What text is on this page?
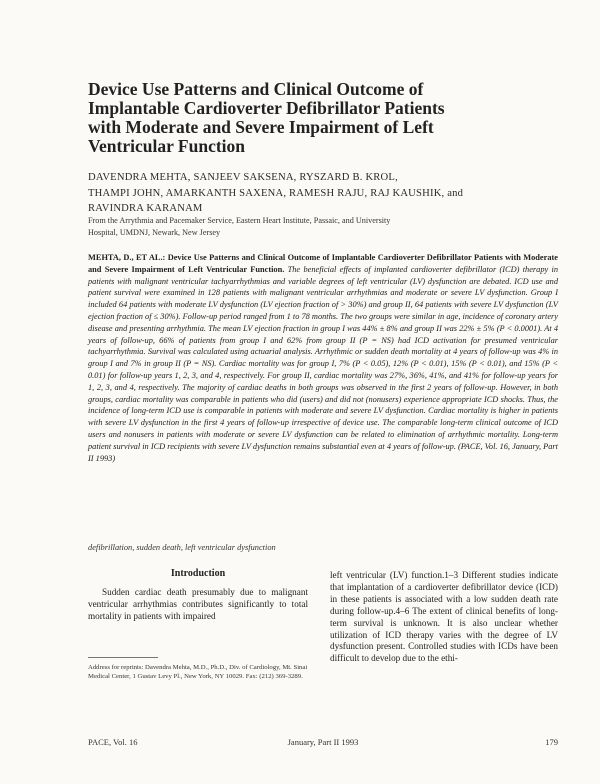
Device Use Patterns and Clinical Outcome of
Implantable Cardioverter Defibrillator Patients
with Moderate and Severe Impairment of Left
Ventricular Function
DAVENDRA MEHTA, SANJEEV SAKSENA, RYSZARD B. KROL,
THAMPI JOHN, AMARKANTH SAXENA, RAMESH RAJU, RAJ KAUSHIK, and
RAVINDRA KARANAM
From the Arrythmia and Pacemaker Service, Eastern Heart Institute, Passaic, and University
Hospital, UMDNJ, Newark, New Jersey

MEHTA, D., ET AL.: Device Use Patterns and Clinical Outcome of Implantable Cardioverter Defibrillator Patients with Moderate and Severe Impairment of Left Ventricular Function. The beneficial effects of implanted cardioverter defibrillator (ICD) therapy in patients with malignant ventricular tachyarrhythmias and variable degrees of left ventricular (LV) dysfunction are debated. ICD use and patient survival were examined in 128 patients with malignant ventricular arrhythmias and moderate or severe LV dysfunction. Group I included 64 patients with moderate LV dysfunction (LV ejection fraction of > 30%) and group II, 64 patients with severe LV dysfunction (LV ejection fraction of ≤ 30%). Follow-up period ranged from 1 to 78 months. The two groups were similar in age, incidence of coronary artery disease and presenting arrhythmia. The mean LV ejection fraction in group I was 44% ± 8% and group II was 22% ± 5% (P < 0.0001). At 4 years of follow-up, 66% of patients from group I and 62% from group II (P = NS) had ICD activation for presumed ventricular tachyarrhythmia. Survival was calculated using actuarial analysis. Arrhythmic or sudden death mortality at 4 years of follow-up was 4% in group I and 7% in group II (P = NS). Cardiac mortality was for group I, 7% (P < 0.05), 12% (P < 0.01), 15% (P < 0.01), and 15% (P < 0.01) for follow-up years 1, 2, 3, and 4, respectively. For group II, cardiac mortality was 27%, 36%, 41%, and 41% for follow-up years for 1, 2, 3, and 4, respectively. The majority of cardiac deaths in both groups was observed in the first 2 years of follow-up. However, in both groups, cardiac mortality was comparable in patients who did (users) and did not (nonusers) experience appropriate ICD shocks. Thus, the incidence of long-term ICD use is comparable in patients with moderate and severe LV dysfunction. Cardiac mortality is higher in patients with severe LV dysfunction in the first 4 years of follow-up irrespective of device use. The comparable long-term clinical outcome of ICD users and nonusers in patients with moderate or severe LV dysfunction can be related to elimination of arrhythmic mortality. Long-term patient survival in ICD recipients with severe LV dysfunction remains substantial even at 4 years of follow-up. (PACE, Vol. 16, January, Part II 1993)

defibrillation, sudden death, left ventricular dysfunction
Introduction

Sudden cardiac death presumably due to malignant ventricular arrhythmias contributes significantly to total mortality in patients with impaired

Address for reprints: Davendra Mehta, M.D., Ph.D., Div. of Cardiology, Mt. Sinai Medical Center, 1 Gustav Levy Pl., New York, NY 10029. Fax: (212) 369-3289.

left ventricular (LV) function.1–3 Different studies indicate that implantation of a cardioverter defibrillator device (ICD) in these patients is associated with a low sudden death rate during follow-up.4–6 The extent of clinical benefits of long-term survival is unknown. It is also unclear whether utilization of ICD therapy varies with the degree of LV dysfunction present. Controlled studies with ICDs have been difficult to develop due to the ethi-

PACE, Vol. 16	January, Part II 1993	179
